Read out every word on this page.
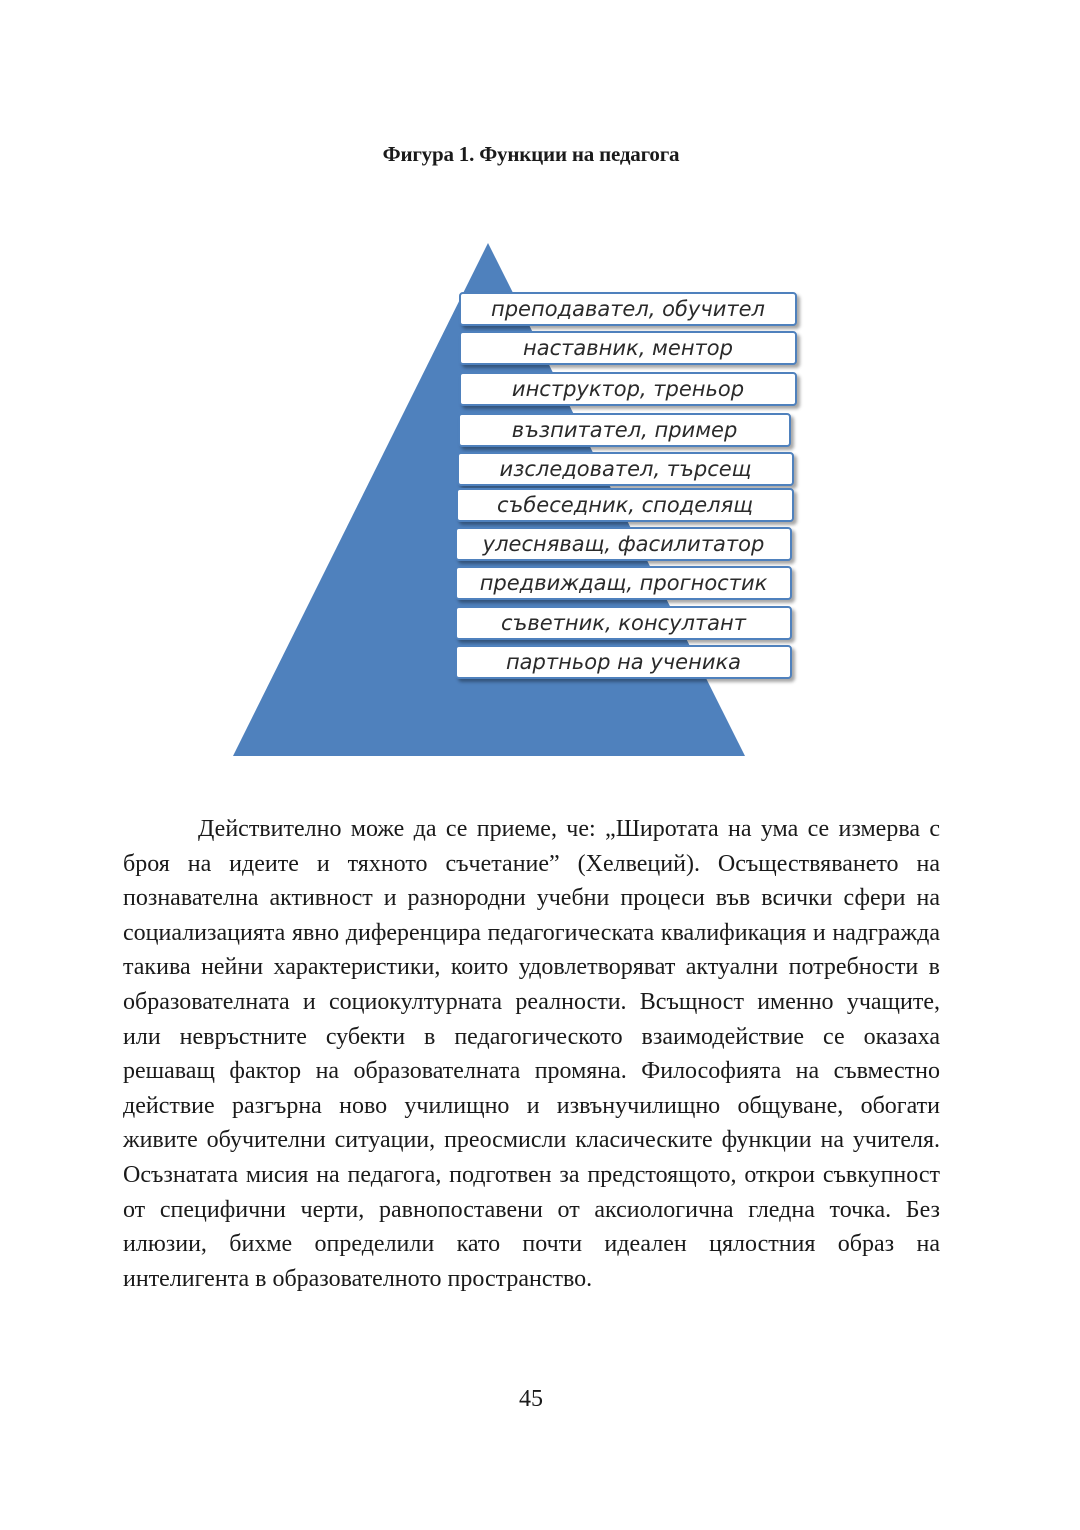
Фигура 1. Функции на педагога
преподавател, обучител
наставник, ментор
инструктор, треньор
възпитател, пример
изследовател, търсещ
събеседник, споделящ
улесняващ, фасилитатор
предвиждащ, прогностик
съветник, консултант
партньор на ученика

Действително може да се приеме, че: „Широтата на ума се измерва с броя на идеите и тяхното съчетание” (Хелвеций). Осъществяването на познавателна активност и разнородни учебни процеси във всички сфери на социализацията явно диференцира педагогическата квалификация и надгражда такива нейни характеристики, които удовлетворяват актуални потребности в образователната и социокултурната реалности. Всъщност именно учащите, или невръстните субекти в педагогическото взаимодействие се оказаха решаващ фактор на образователната промяна. Философията на съвместно действие разгърна ново училищно и извънучилищно общуване, обогати живите обучителни ситуации, преосмисли класическите функции на учителя. Осъзнатата мисия на педагога, подготвен за предстоящото, открои съвкупност от специфични черти, равнопоставени от аксиологична гледна точка. Без илюзии, бихме определили като почти идеален цялостния образ на интелигента в образователното пространство.

45
